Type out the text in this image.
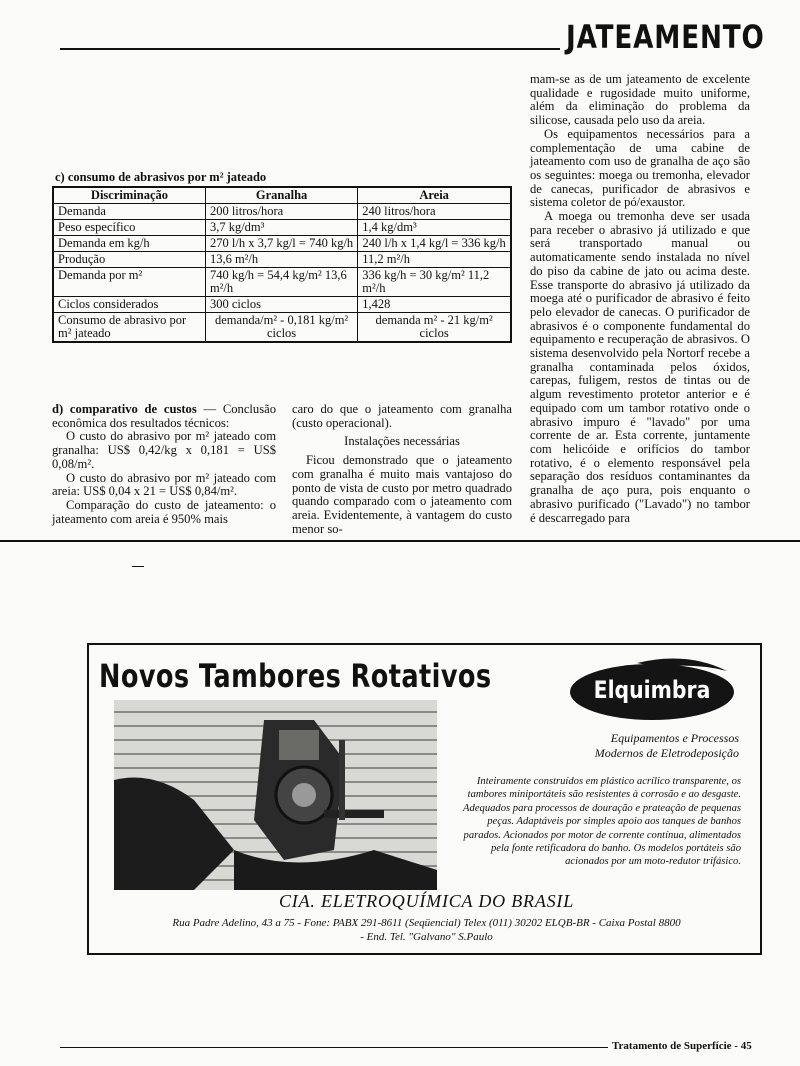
JATEAMENTO

mam-se as de um jateamento de excelente qualidade e rugosidade muito uniforme, além da eliminação do problema da silicose, causada pelo uso da areia.

Os equipamentos necessários para a complementação de uma cabine de jateamento com uso de granalha de aço são os seguintes: moega ou tremonha, elevador de canecas, purificador de abrasivos e sistema coletor de pó/exaustor.

A moega ou tremonha deve ser usada para receber o abrasivo já utilizado e que será transportado manual ou automaticamente sendo instalada no nível do piso da cabine de jato ou acima deste. Esse transporte do abrasivo já utilizado da moega até o purificador de abrasivo é feito pelo elevador de canecas. O purificador de abrasivos é o componente fundamental do equipamento e recuperação de abrasivos. O sistema desenvolvido pela Nortorf recebe a granalha contaminada pelos óxidos, carepas, fuligem, restos de tintas ou de algum revestimento protetor anterior e é equipado com um tambor rotativo onde o abrasivo impuro é "lavado" por uma corrente de ar. Esta corrente, juntamente com helicóide e orifícios do tambor rotativo, é o elemento responsável pela separação dos resíduos contaminantes da granalha de aço pura, pois enquanto o abrasivo purificado ("Lavado") no tambor é descarregado para

c) consumo de abrasivos por m² jateado
Discriminação	Granalha	Areia
Demanda	200 litros/hora	240 litros/hora
Peso específico	3,7 kg/dm³	1,4 kg/dm³
Demanda em kg/h	270 l/h x 3,7 kg/l = 740 kg/h	240 l/h x 1,4 kg/l = 336 kg/h
Produção	13,6 m²/h	11,2 m²/h
Demanda por m²	740 kg/h = 54,4 kg/m² 13,6 m²/h	336 kg/h = 30 kg/m² 11,2 m²/h
Ciclos considerados	300 ciclos	1,428
Consumo de abrasivo por m² jateado	demanda/m² - 0,181 kg/m² ciclos	demanda m² - 21 kg/m² ciclos

d) comparativo de custos — Conclusão econômica dos resultados técnicos:

O custo do abrasivo por m² jateado com granalha: US$ 0,42/kg x 0,181 = US$ 0,08/m².

O custo do abrasivo por m² jateado com areia: US$ 0,04 x 21 = US$ 0,84/m².

Comparação do custo de jateamento: o jateamento com areia é 950% mais

caro do que o jateamento com granalha (custo operacional).

Instalações necessárias

Ficou demonstrado que o jateamento com granalha é muito mais vantajoso do ponto de vista de custo por metro quadrado quando comparado com o jateamento com areia. Evidentemente, à vantagem do custo menor so-

Novos Tambores Rotativos	Elquimbra
Equipamentos e Processos
Modernos de Eletrodeposição
Inteiramente construídos em plástico acrílico transparente, os tambores miniportáteis são resistentes à corrosão e ao desgaste. Adequados para processos de douração e prateação de pequenas peças. Adaptáveis por simples apoio aos tanques de banhos parados. Acionados por motor de corrente contínua, alimentados pela fonte retificadora do banho. Os modelos portáteis são acionados por um moto-redutor trifásico.
CIA. ELETROQUÍMICA DO BRASIL
Rua Padre Adelino, 43 a 75 - Fone: PABX 291-8611 (Seqüencial) Telex (011) 30202 ELQB-BR - Caixa Postal 8800
- End. Tel. "Galvano" S.Paulo
Tratamento de Superfície - 45
